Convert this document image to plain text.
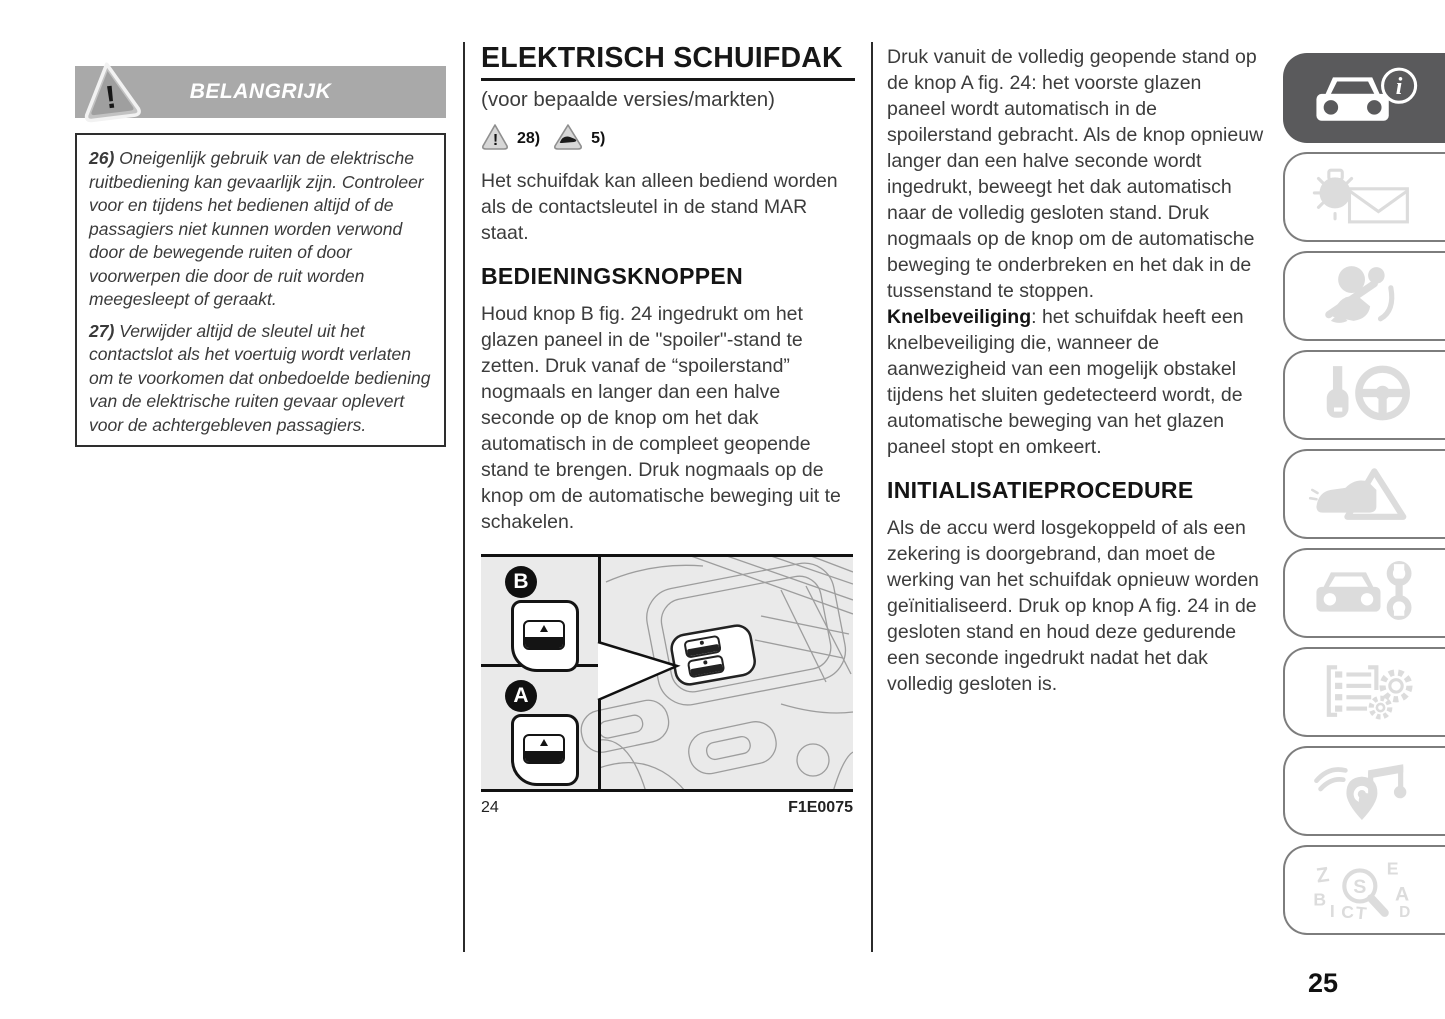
!	BELANGRIJK

26) Oneigenlijk gebruik van de elektrische ruitbediening kan gevaarlijk zijn. Controleer voor en tijdens het bedienen altijd of de passagiers niet kunnen worden verwond door de bewegende ruiten of door voorwerpen die door de ruit worden meegesleept of geraakt.

27) Verwijder altijd de sleutel uit het contactslot als het voertuig wordt verlaten om te voorkomen dat onbedoelde bediening van de elektrische ruiten gevaar oplevert voor de achtergebleven passagiers.

ELEKTRISCH SCHUIFDAK
(voor bepaalde versies/markten)
! 28)	5)

Het schuifdak kan alleen bediend worden als de contactsleutel in de stand MAR staat.

BEDIENINGSKNOPPEN

Houd knop B fig. 24 ingedrukt om het glazen paneel in de "spoiler"-stand te zetten. Druk vanaf de “spoilerstand” nogmaals en langer dan een halve seconde op de knop om het dak automatisch in de compleet geopende stand te brengen. Druk nogmaals op de knop om de automatische beweging uit te schakelen.

B
A
24	F1E0075

Druk vanuit de volledig geopende stand op de knop A fig. 24: het voorste glazen paneel wordt automatisch in de spoilerstand gebracht. Als de knop opnieuw langer dan een halve seconde wordt ingedrukt, beweegt het dak automatisch naar de volledig gesloten stand. Druk nogmaals op de knop om de automatische beweging te onderbreken en het dak in de tussenstand te stoppen.

Knelbeveiliging: het schuifdak heeft een knelbeveiliging die, wanneer de aanwezigheid van een mogelijk obstakel tijdens het sluiten gedetecteerd wordt, de automatische beweging van het glazen paneel stopt en omkeert.

INITIALISATIEPROCEDURE

Als de accu werd losgekoppeld of als een zekering is doorgebrand, dan moet de werking van het schuifdak opnieuw worden geïnitialiseerd. Druk op knop A fig. 24 in de gesloten stand en houd deze gedurende een seconde ingedrukt nadat het dak volledig gesloten is.

i
Z	E
B	A
I C T D
S
25
